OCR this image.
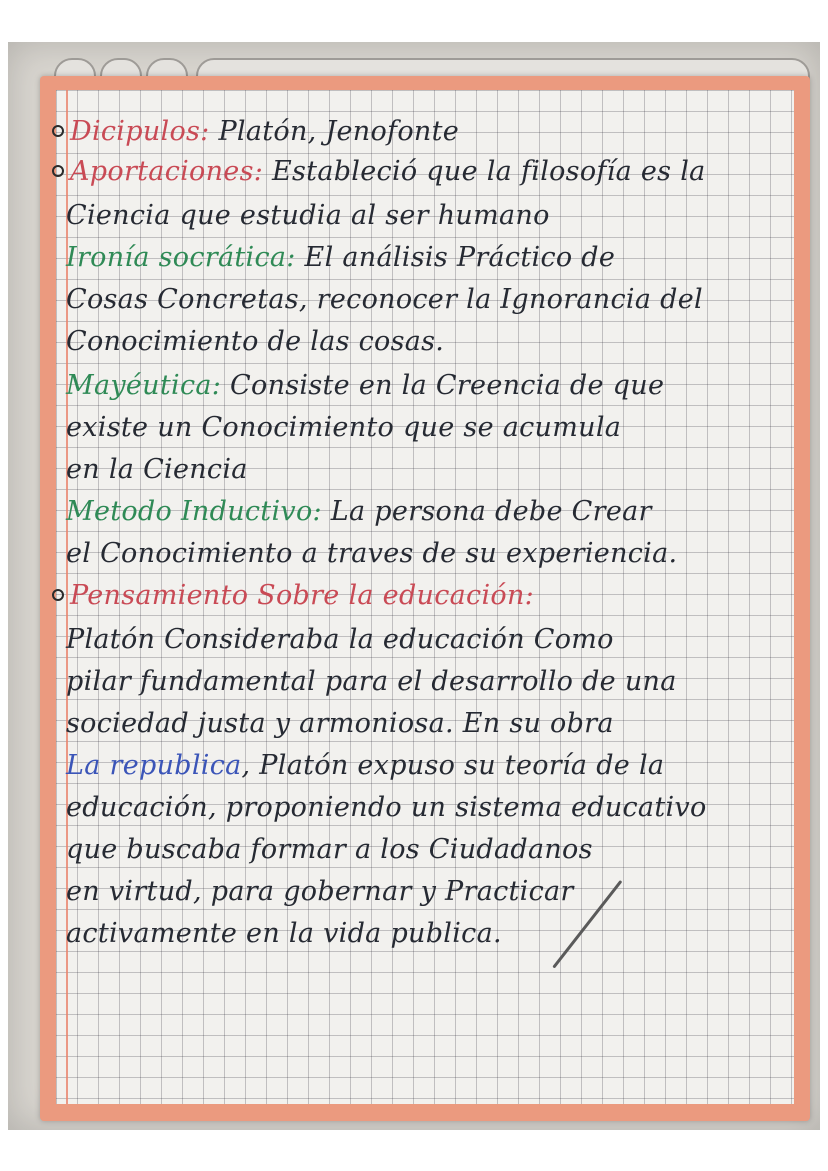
Dicipulos: Platón, Jenofonte
Aportaciones: Estableció que la filosofía es la
Ciencia que estudia al ser humano
Ironía socrática: El análisis Práctico de
Cosas Concretas, reconocer la Ignorancia del
Conocimiento de las cosas.
Mayéutica: Consiste en la Creencia de que
existe un Conocimiento que se acumula
en la Ciencia
Metodo Inductivo: La persona debe Crear
el Conocimiento a traves de su experiencia.
Pensamiento Sobre la educación:
Platón Consideraba la educación Como
pilar fundamental para el desarrollo de una
sociedad justa y armoniosa. En su obra
La republica, Platón expuso su teoría de la
educación, proponiendo un sistema educativo
que buscaba formar a los Ciudadanos
en virtud, para gobernar y Practicar
activamente en la vida publica.
